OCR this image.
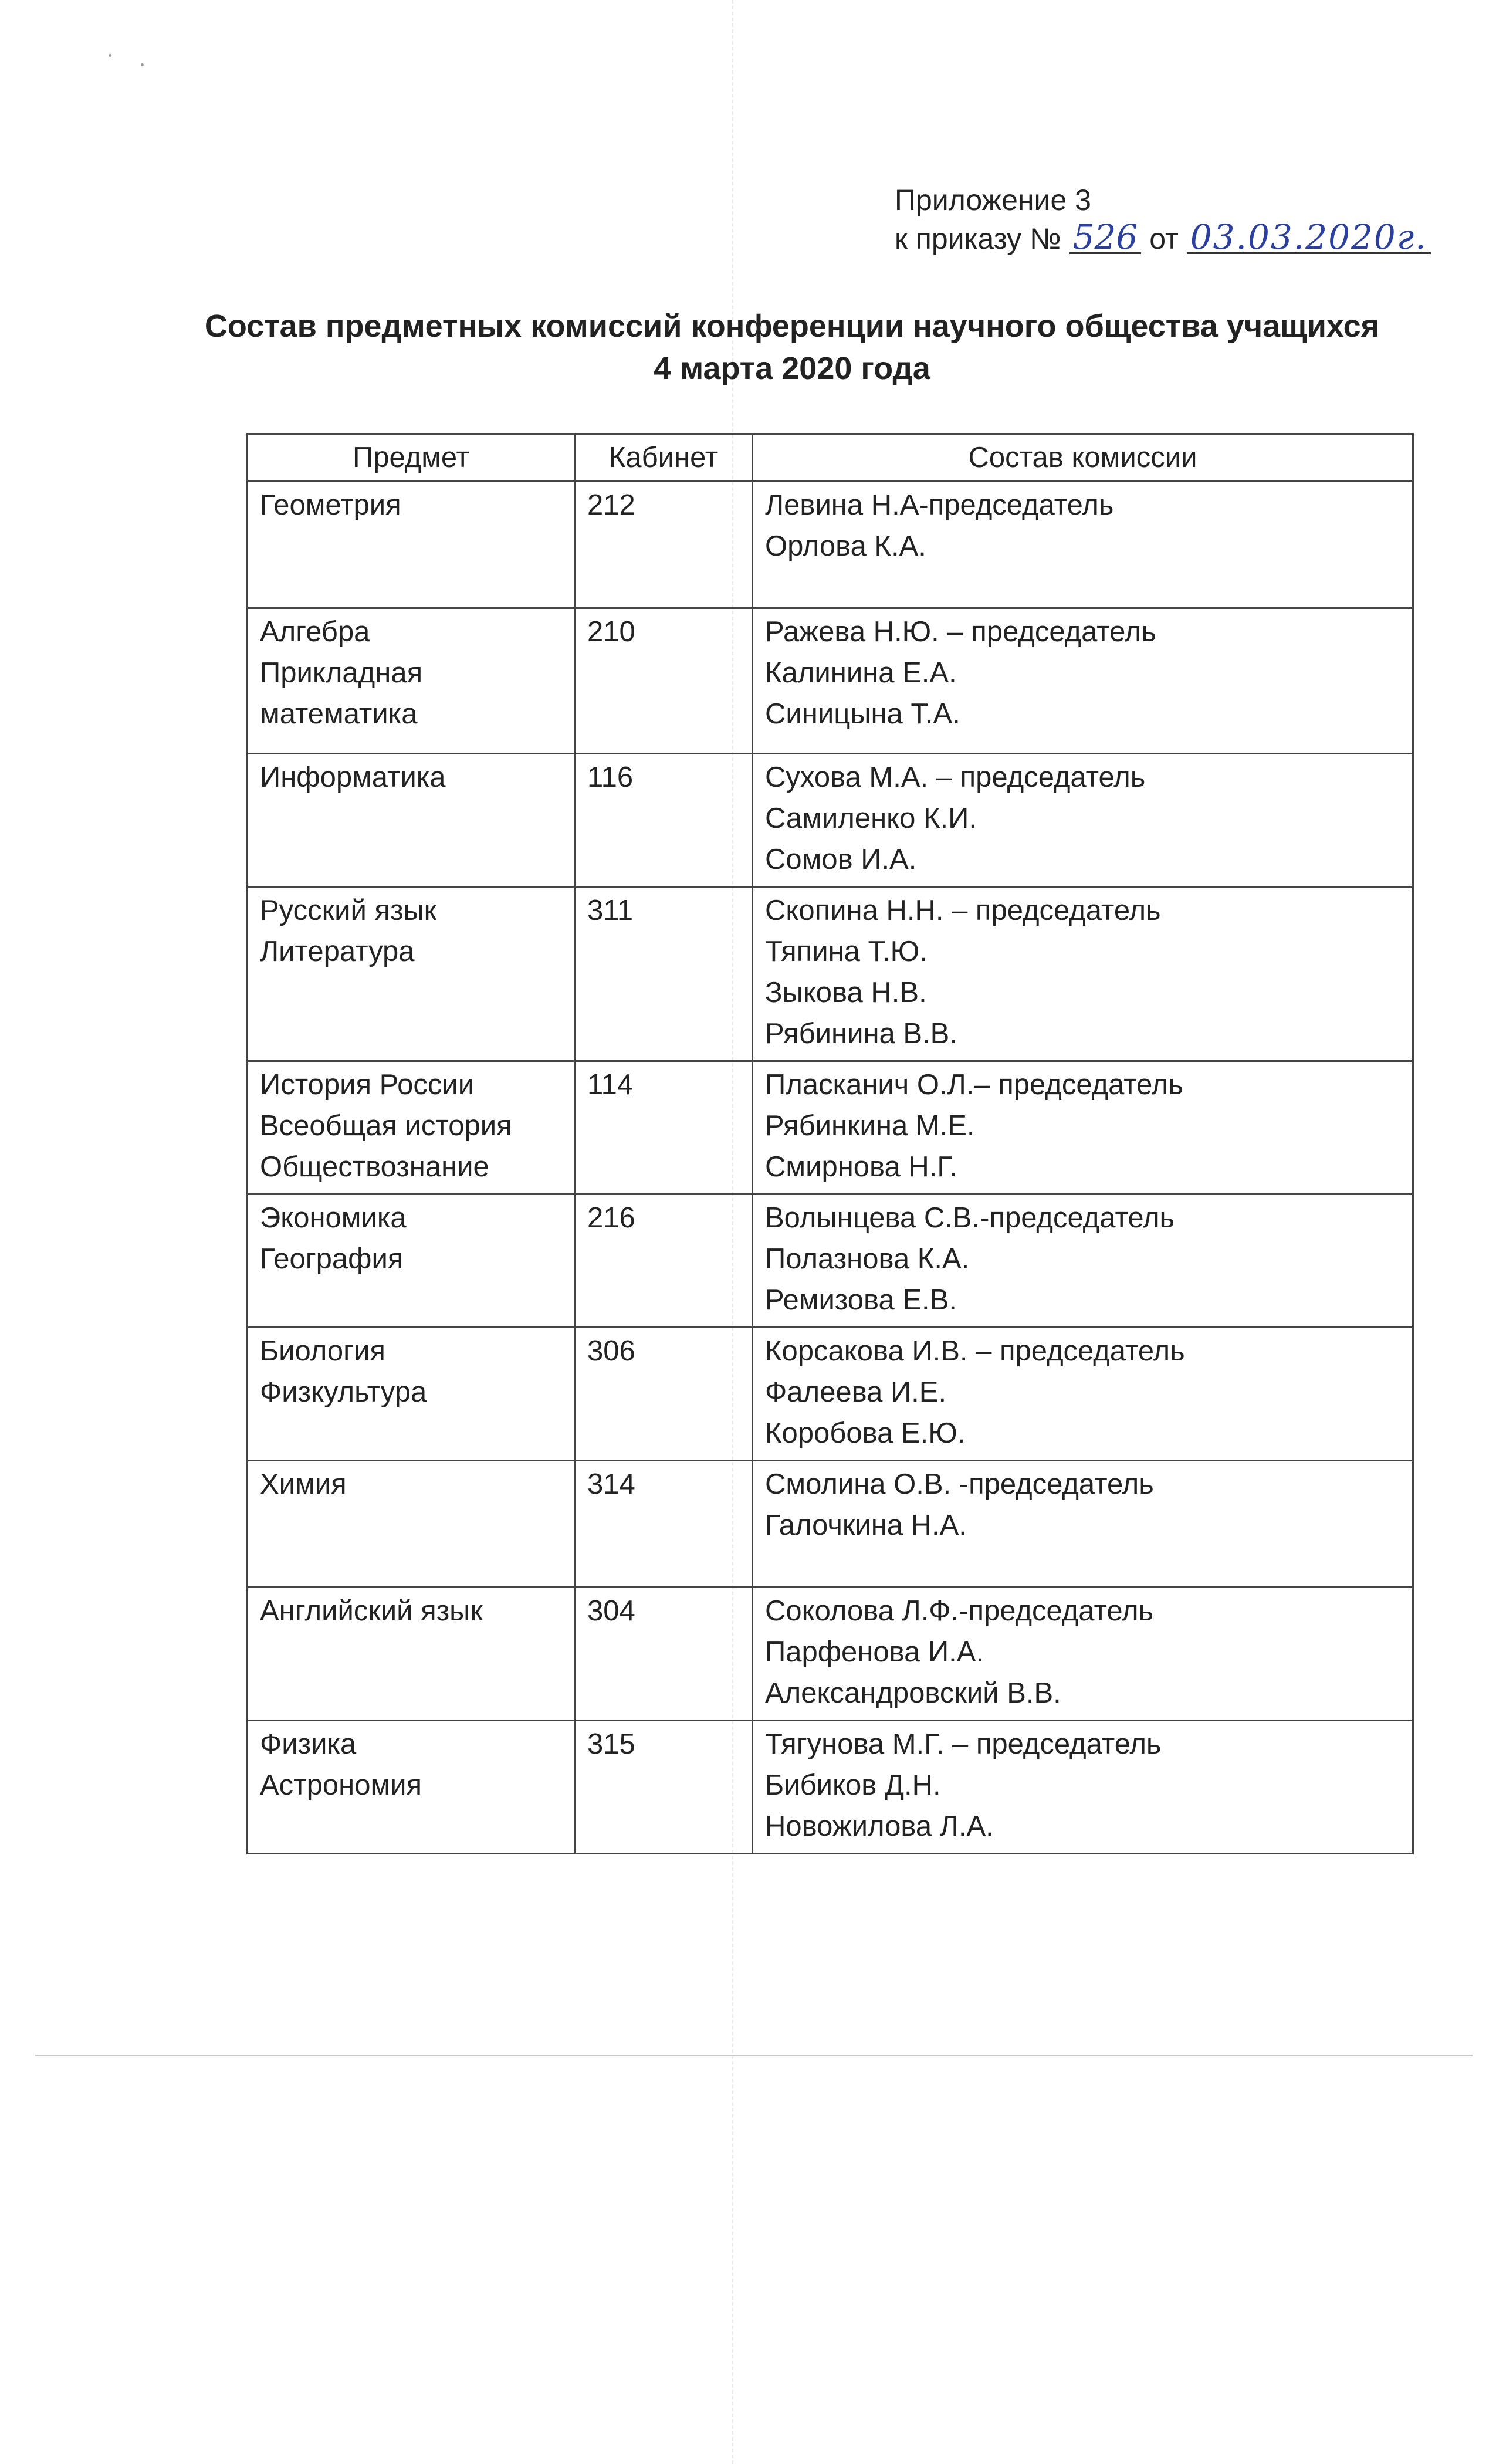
Приложение 3
к приказу № 526 от 03.03.2020г.
Состав предметных комиссий конференции научного общества учащихся
4 марта 2020 года
Предмет	Кабинет	Состав комиссии

Геометрия	212	Левина Н.А-председатель
Орлова К.А.

Алгебра
Прикладная
математика	210	Ражева Н.Ю. – председатель
Калинина Е.А.
Синицына Т.А.

Информатика	116	Сухова М.А. – председатель
Самиленко К.И.
Сомов И.А.

Русский язык
Литература	311	Скопина Н.Н. – председатель
Тяпина Т.Ю.
Зыкова Н.В.
Рябинина В.В.

История России
Всеобщая история
Обществознание	114	Пласканич О.Л.– председатель
Рябинкина М.Е.
Смирнова Н.Г.

Экономика
География	216	Волынцева С.В.-председатель
Полазнова К.А.
Ремизова Е.В.

Биология
Физкультура	306	Корсакова И.В. – председатель
Фалеева И.Е.
Коробова Е.Ю.

Химия	314	Смолина О.В. -председатель
Галочкина Н.А.

Английский язык	304	Соколова Л.Ф.-председатель
Парфенова И.А.
Александровский В.В.

Физика
Астрономия	315	Тягунова М.Г. – председатель
Бибиков Д.Н.
Новожилова Л.А.
